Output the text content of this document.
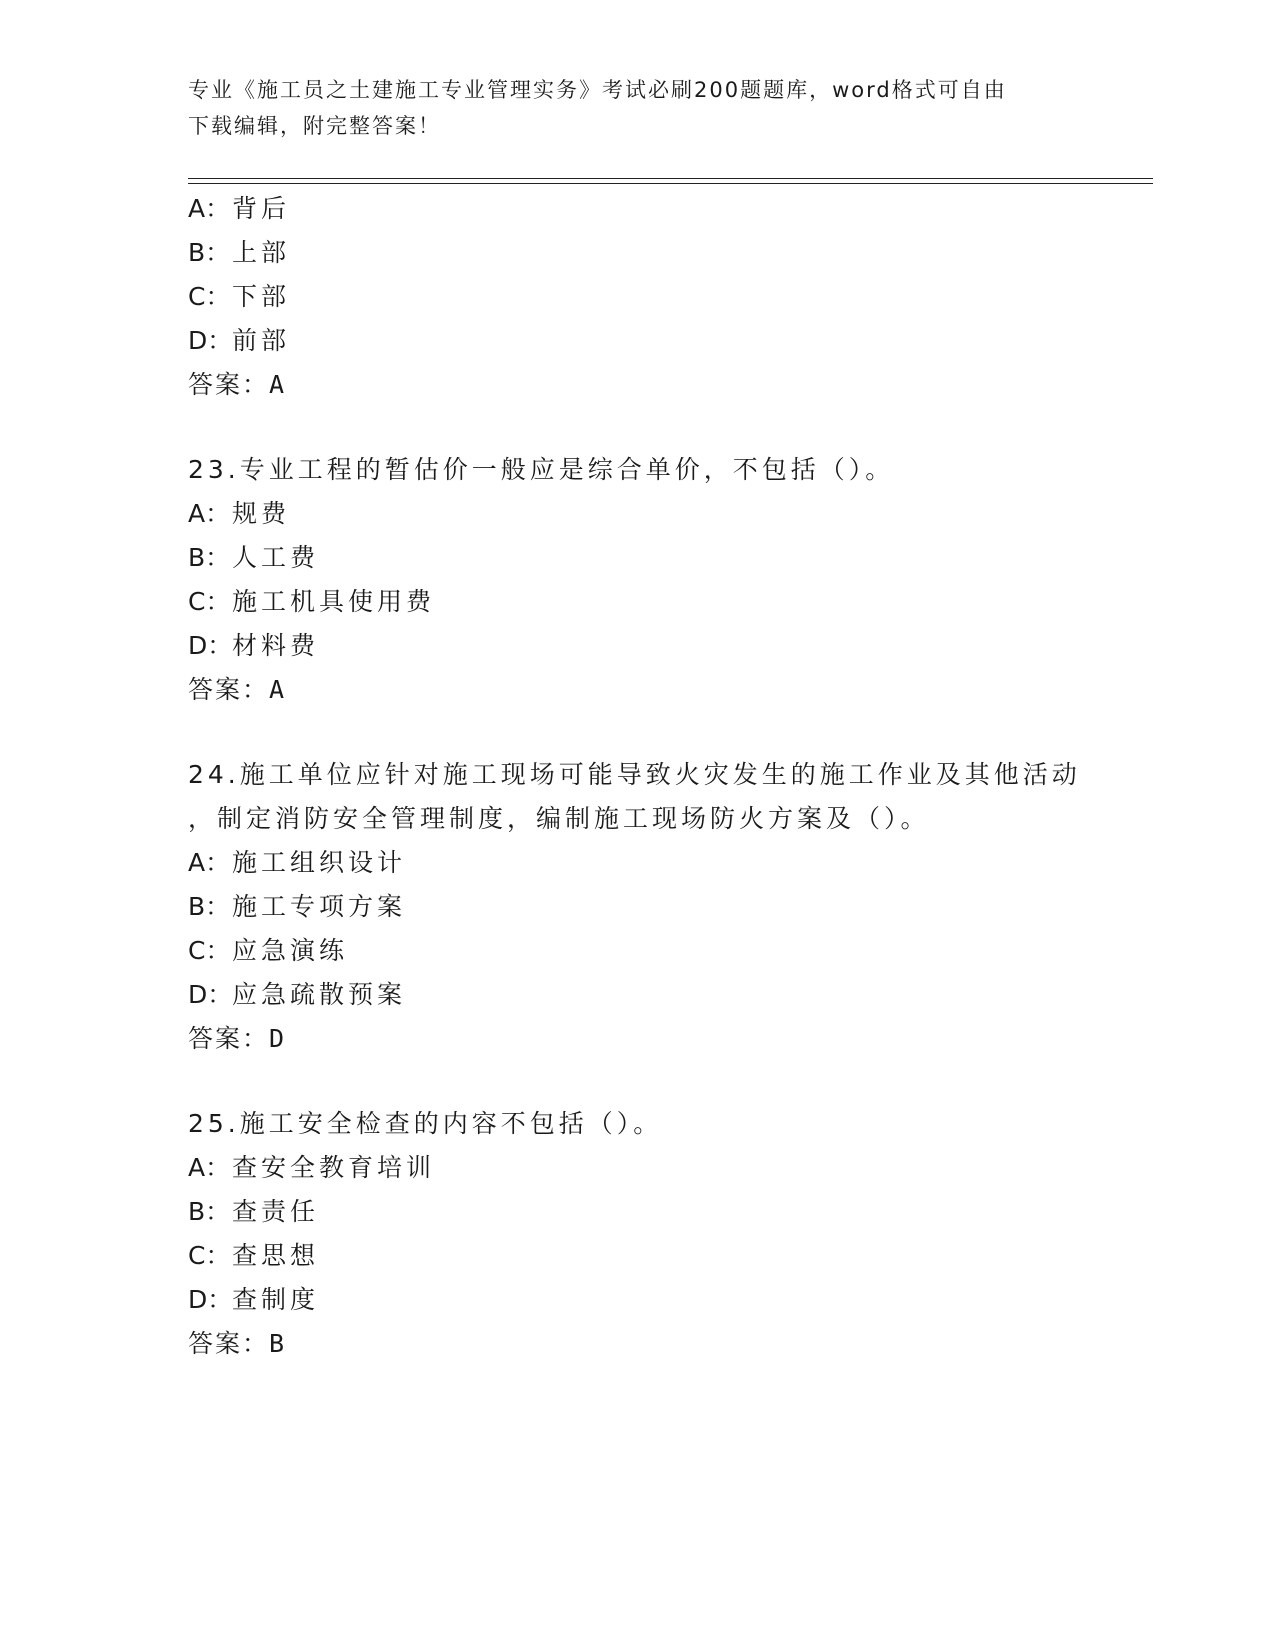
专业《施工员之土建施工专业管理实务》考试必刷200题题库，word格式可自由
下载编辑，附完整答案！
A：背后
B：上部
C：下部
D：前部
答案：A
23.专业工程的暂估价一般应是综合单价，不包括（）。
A：规费
B：人工费
C：施工机具使用费
D：材料费
答案：A
24.施工单位应针对施工现场可能导致火灾发生的施工作业及其他活动
，制定消防安全管理制度，编制施工现场防火方案及（）。
A：施工组织设计
B：施工专项方案
C：应急演练
D：应急疏散预案
答案：D
25.施工安全检查的内容不包括（）。
A：查安全教育培训
B：查责任
C：查思想
D：查制度
答案：B
